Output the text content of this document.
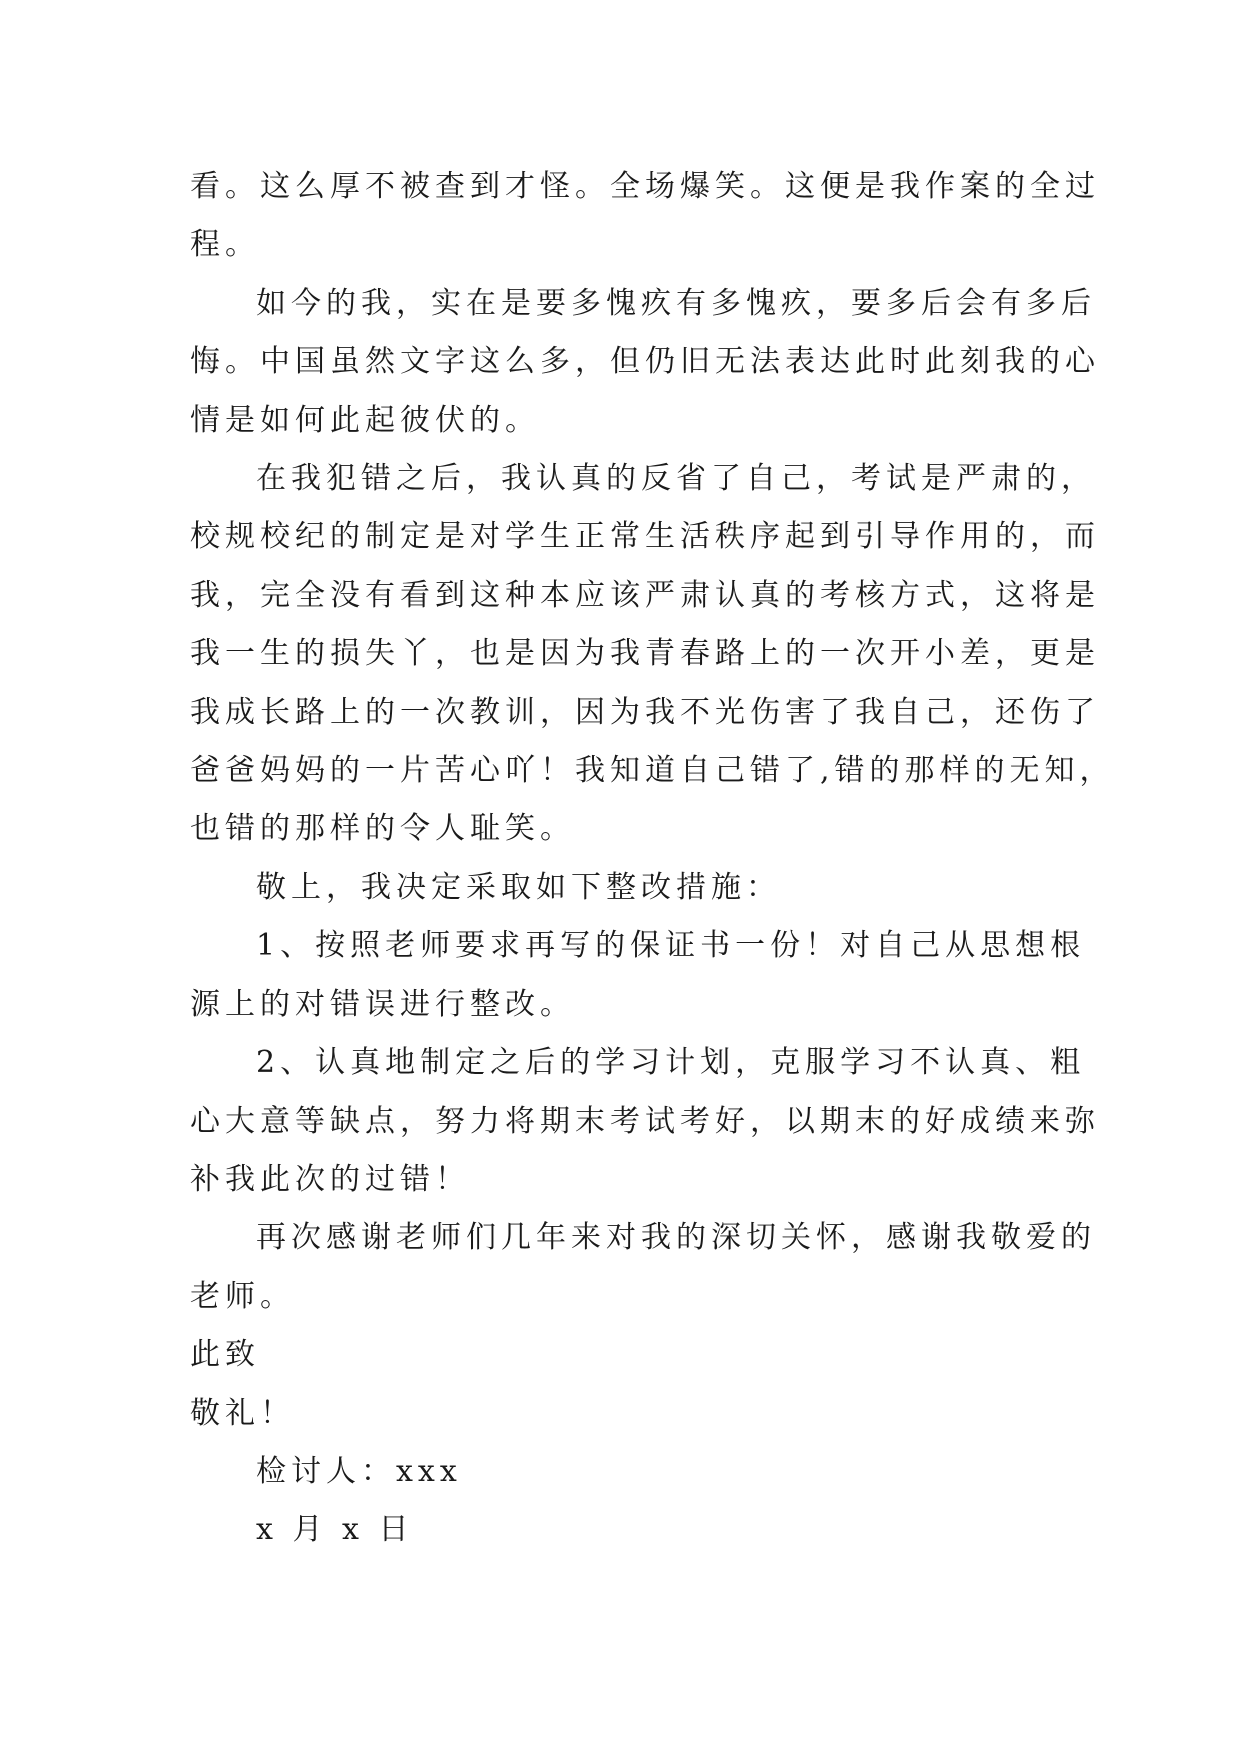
看。这么厚不被查到才怪。全场爆笑。这便是我作案的全过
程。

如今的我，实在是要多愧疚有多愧疚，要多后会有多后
悔。中国虽然文字这么多，但仍旧无法表达此时此刻我的心
情是如何此起彼伏的。

在我犯错之后，我认真的反省了自己，考试是严肃的，
校规校纪的制定是对学生正常生活秩序起到引导作用的，而
我，完全没有看到这种本应该严肃认真的考核方式，这将是
我一生的损失丫，也是因为我青春路上的一次开小差，更是
我成长路上的一次教训，因为我不光伤害了我自己，还伤了
爸爸妈妈的一片苦心吖！我知道自己错了,错的那样的无知，
也错的那样的令人耻笑。

敬上，我决定采取如下整改措施：

1、按照老师要求再写的保证书一份！对自己从思想根
源上的对错误进行整改。

2、认真地制定之后的学习计划，克服学习不认真、粗
心大意等缺点，努力将期末考试考好，以期末的好成绩来弥
补我此次的过错！

再次感谢老师们几年来对我的深切关怀，感谢我敬爱的
老师。

此致

敬礼！

检讨人：xxx

x 月 x 日
